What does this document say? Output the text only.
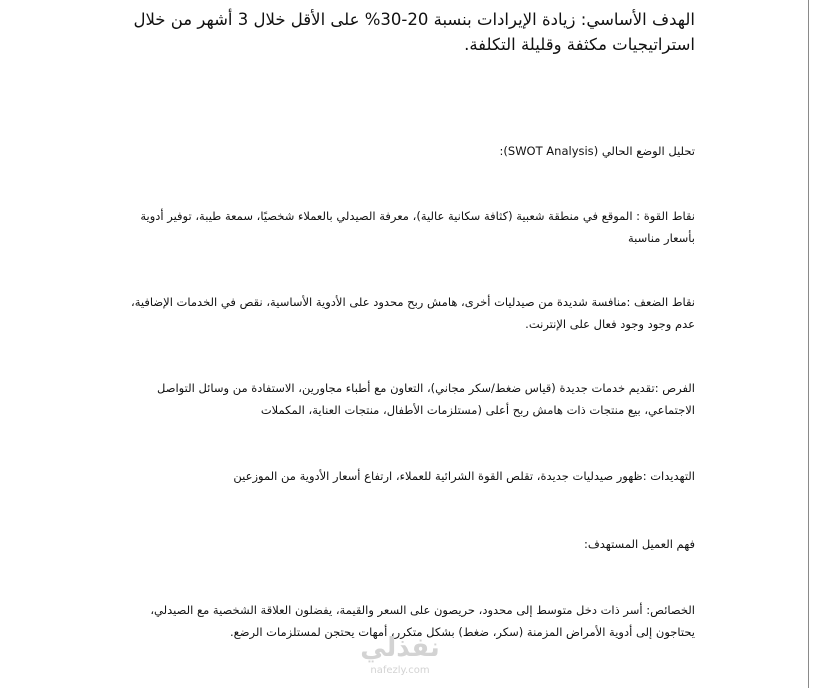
الهدف الأساسي: زيادة الإيرادات بنسبة 20-30% على الأقل خلال 3 أشهر من خلال
استراتيجيات مكثفة وقليلة التكلفة.
تحليل الوضع الحالي (SWOT Analysis):
نقاط القوة : الموقع في منطقة شعبية (كثافة سكانية عالية)، معرفة الصيدلي بالعملاء شخصيًا، سمعة طيبة، توفير أدوية
بأسعار مناسبة
نقاط الضعف :منافسة شديدة من صيدليات أخرى، هامش ربح محدود على الأدوية الأساسية، نقص في الخدمات الإضافية،
عدم وجود وجود فعال على الإنترنت.
الفرص :تقديم خدمات جديدة (قياس ضغط/سكر مجاني)، التعاون مع أطباء مجاورين، الاستفادة من وسائل التواصل
الاجتماعي، بيع منتجات ذات هامش ربح أعلى (مستلزمات الأطفال، منتجات العناية، المكملات
التهديدات :ظهور صيدليات جديدة، تقلص القوة الشرائية للعملاء، ارتفاع أسعار الأدوية من الموزعين
فهم العميل المستهدف:
الخصائص: أسر ذات دخل متوسط إلى محدود، حريصون على السعر والقيمة، يفضلون العلاقة الشخصية مع الصيدلي،
يحتاجون إلى أدوية الأمراض المزمنة (سكر، ضغط) بشكل متكرر، أمهات يحتجن لمستلزمات الرضع.
نفذلي
nafezly.com
